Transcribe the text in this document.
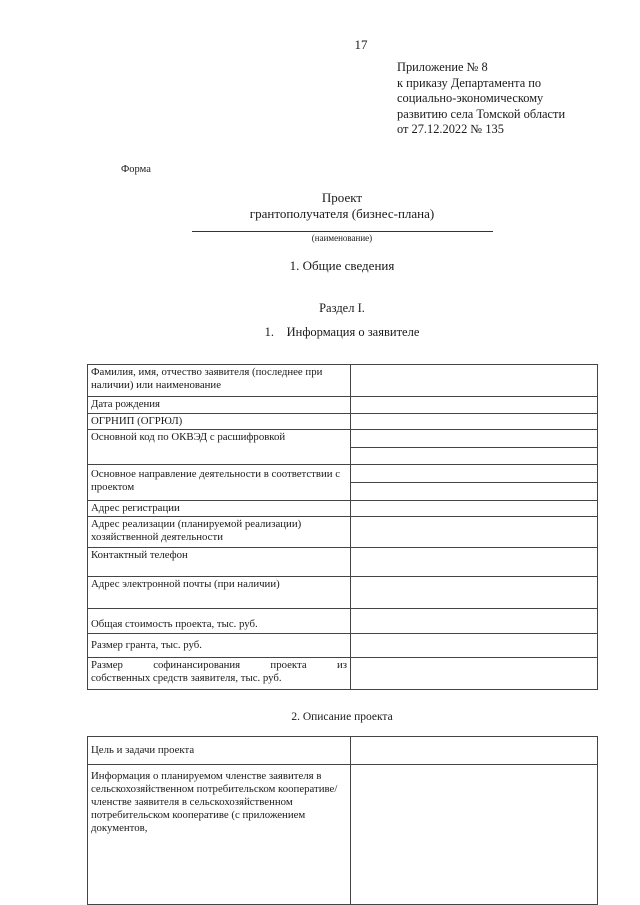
17
Приложение № 8
к приказу Департамента по
социально-экономическому
развитию села Томской области
от 27.12.2022 № 135
Форма
Проект
грантополучателя (бизнес-плана)
(наименование)
1. Общие сведения
Раздел I.
1. Информация о заявителе
Фамилия, имя, отчество заявителя (последнее при наличии) или наименование	
Дата рождения	
ОГРНИП (ОГРЮЛ)	
Основной код по ОКВЭД с расшифровкой	

Основное направление деятельности в соответствии с проектом	

Адрес регистрации	
Адрес реализации (планируемой реализации) хозяйственной деятельности	
Контактный телефон	
Адрес электронной почты (при наличии)	
Общая стоимость проекта, тыс. руб.	
Размер гранта, тыс. руб.	

Размер софинансирования проекта из
собственных средств заявителя, тыс. руб.	

2. Описание проекта
Цель и задачи проекта	
Информация о планируемом членстве заявителя в сельскохозяйственном потребительском кооперативе/членстве заявителя в сельскохозяйственном потребительском кооперативе (с приложением документов,	
